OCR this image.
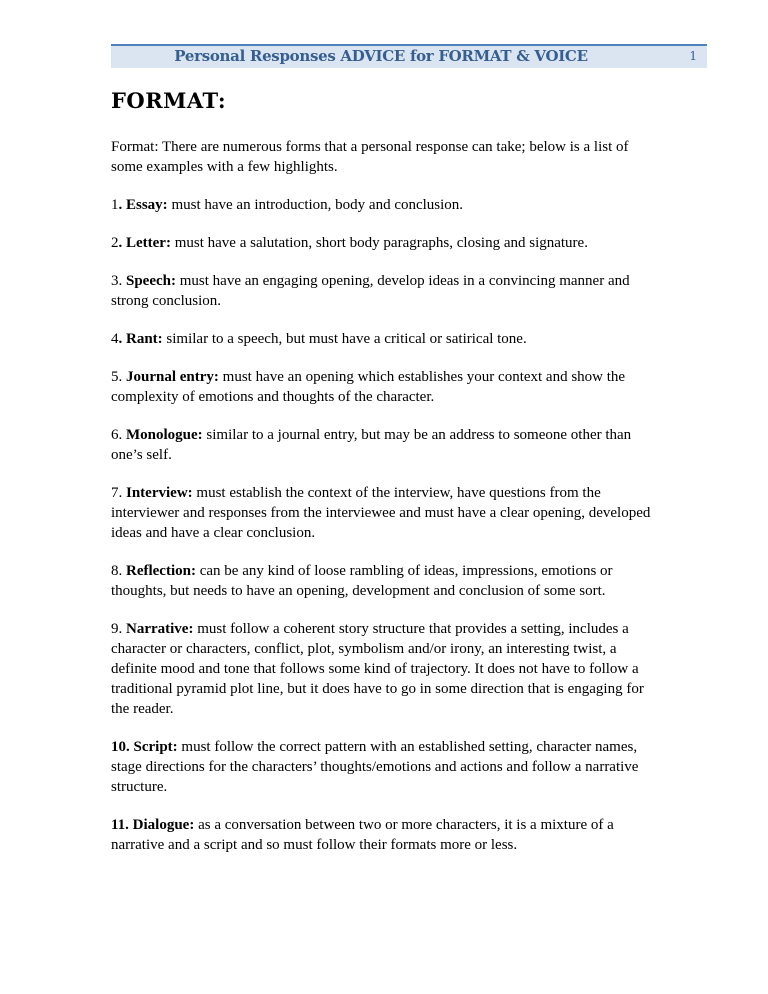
Personal Responses ADVICE for FORMAT & VOICE	1
FORMAT:

Format: There are numerous forms that a personal response can take; below is a list of some examples with a few highlights.

1. Essay: must have an introduction, body and conclusion.

2. Letter: must have a salutation, short body paragraphs, closing and signature.

3. Speech: must have an engaging opening, develop ideas in a convincing manner and strong conclusion.

4. Rant: similar to a speech, but must have a critical or satirical tone.

5. Journal entry: must have an opening which establishes your context and show the complexity of emotions and thoughts of the character.

6. Monologue: similar to a journal entry, but may be an address to someone other than one’s self.

7. Interview: must establish the context of the interview, have questions from the interviewer and responses from the interviewee and must have a clear opening, developed ideas and have a clear conclusion.

8. Reflection: can be any kind of loose rambling of ideas, impressions, emotions or thoughts, but needs to have an opening, development and conclusion of some sort.

9. Narrative: must follow a coherent story structure that provides a setting, includes a character or characters, conflict, plot, symbolism and/or irony, an interesting twist, a definite mood and tone that follows some kind of trajectory. It does not have to follow a traditional pyramid plot line, but it does have to go in some direction that is engaging for the reader.

10. Script: must follow the correct pattern with an established setting, character names, stage directions for the characters’ thoughts/emotions and actions and follow a narrative structure.

11. Dialogue: as a conversation between two or more characters, it is a mixture of a narrative and a script and so must follow their formats more or less.
